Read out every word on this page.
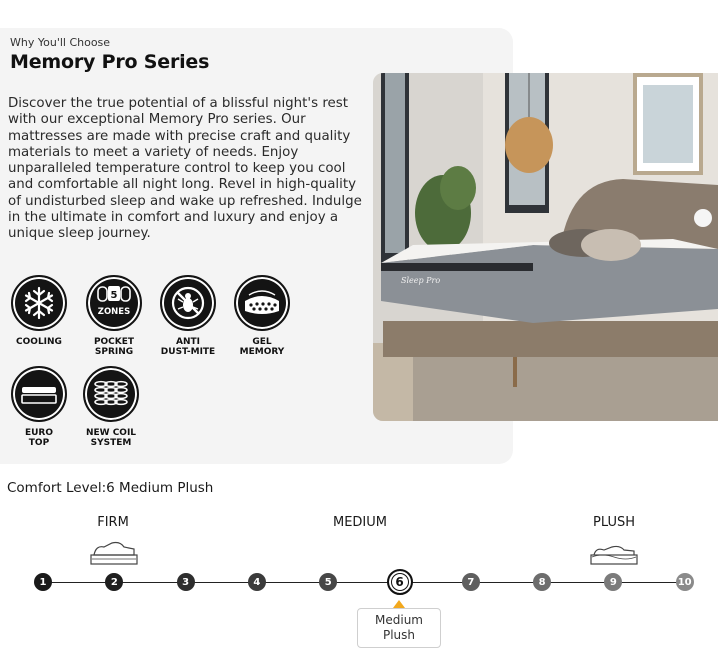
Why You'll Choose
Memory Pro Series

Discover the true potential of a blissful night's rest with our exceptional Memory Pro series. Our mattresses are made with precise craft and quality materials to meet a variety of needs. Enjoy unparalleled temperature control to keep you cool and comfortable all night long. Revel in high-quality of undisturbed sleep and wake up refreshed. Indulge in the ultimate in comfort and luxury and enjoy a unique sleep journey.

Sleep Pro
COOLING
5
ZONES
POCKET
SPRING
ANTI
DUST-MITE
GEL
MEMORY
EURO
TOP
NEW COIL
SYSTEM
Comfort Level:6 Medium Plush
FIRM	MEDIUM	PLUSH
1	2	3	4	5	6	7	8	9	10
Medium
Plush
